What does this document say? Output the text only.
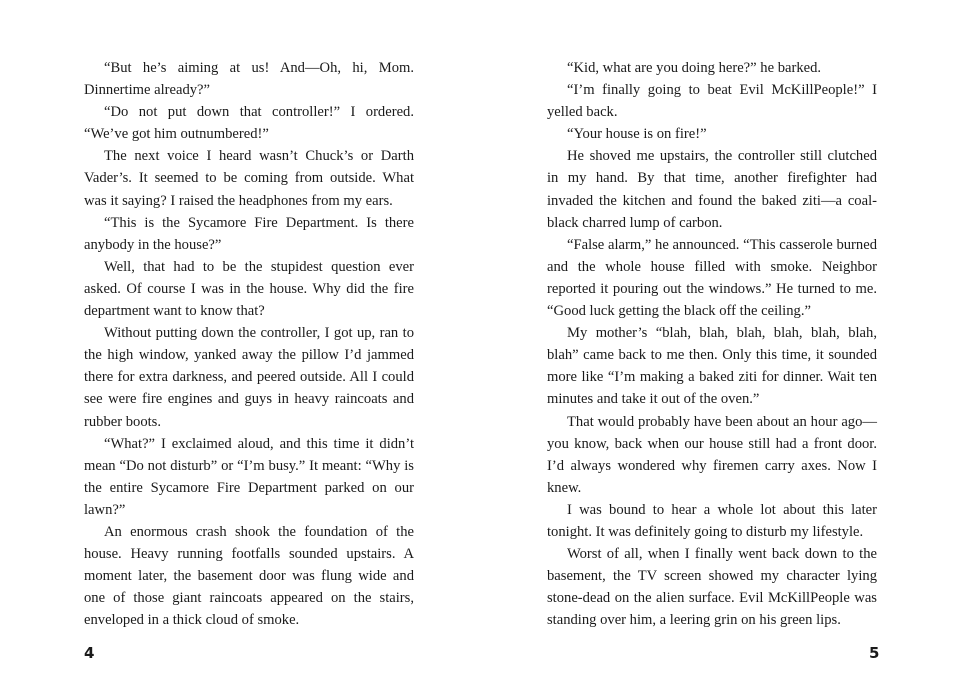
“But he’s aiming at us! And—Oh, hi, Mom. Dinnertime already?”

“Do not put down that controller!” I ordered. “We’ve got him outnumbered!”

The next voice I heard wasn’t Chuck’s or Darth Vader’s. It seemed to be coming from outside. What was it saying? I raised the headphones from my ears.

“This is the Sycamore Fire Department. Is there anybody in the house?”

Well, that had to be the stupidest question ever asked. Of course I was in the house. Why did the fire department want to know that?

Without putting down the controller, I got up, ran to the high window, yanked away the pillow I’d jammed there for extra darkness, and peered outside. All I could see were fire engines and guys in heavy raincoats and rubber boots.

“What?” I exclaimed aloud, and this time it didn’t mean “Do not disturb” or “I’m busy.” It meant: “Why is the entire Sycamore Fire Department parked on our lawn?”

An enormous crash shook the foundation of the house. Heavy running footfalls sounded upstairs. A moment later, the basement door was flung wide and one of those giant raincoats appeared on the stairs, enveloped in a thick cloud of smoke.

“Kid, what are you doing here?” he barked.

“I’m finally going to beat Evil McKillPeople!” I yelled back.

“Your house is on fire!”

He shoved me upstairs, the controller still clutched in my hand. By that time, another firefighter had invaded the kitchen and found the baked ziti—a coal-black charred lump of carbon.

“False alarm,” he announced. “This casserole burned and the whole house filled with smoke. Neighbor reported it pouring out the windows.” He turned to me. “Good luck getting the black off the ceiling.”

My mother’s “blah, blah, blah, blah, blah, blah, blah” came back to me then. Only this time, it sounded more like “I’m making a baked ziti for dinner. Wait ten minutes and take it out of the oven.”

That would probably have been about an hour ago—you know, back when our house still had a front door. I’d always wondered why firemen carry axes. Now I knew.

I was bound to hear a whole lot about this later tonight. It was definitely going to disturb my lifestyle.

Worst of all, when I finally went back down to the basement, the TV screen showed my character lying stone-dead on the alien surface. Evil McKillPeople was standing over him, a leering grin on his green lips.

4	5
